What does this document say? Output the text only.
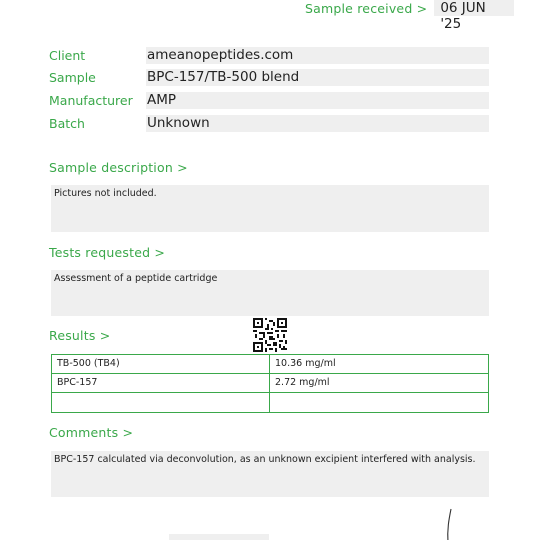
Sample received > 06 JUN '25
Client	ameanopeptides.com
Sample	BPC-157/TB-500 blend
Manufacturer	AMP
Batch	Unknown
Sample description >
Pictures not included.
Tests requested >
Assessment of a peptide cartridge
Results >
TB-500 (TB4)	10.36 mg/ml
BPC-157	2.72 mg/ml
Comments >
BPC-157 calculated via deconvolution, as an unknown excipient interfered with analysis.
